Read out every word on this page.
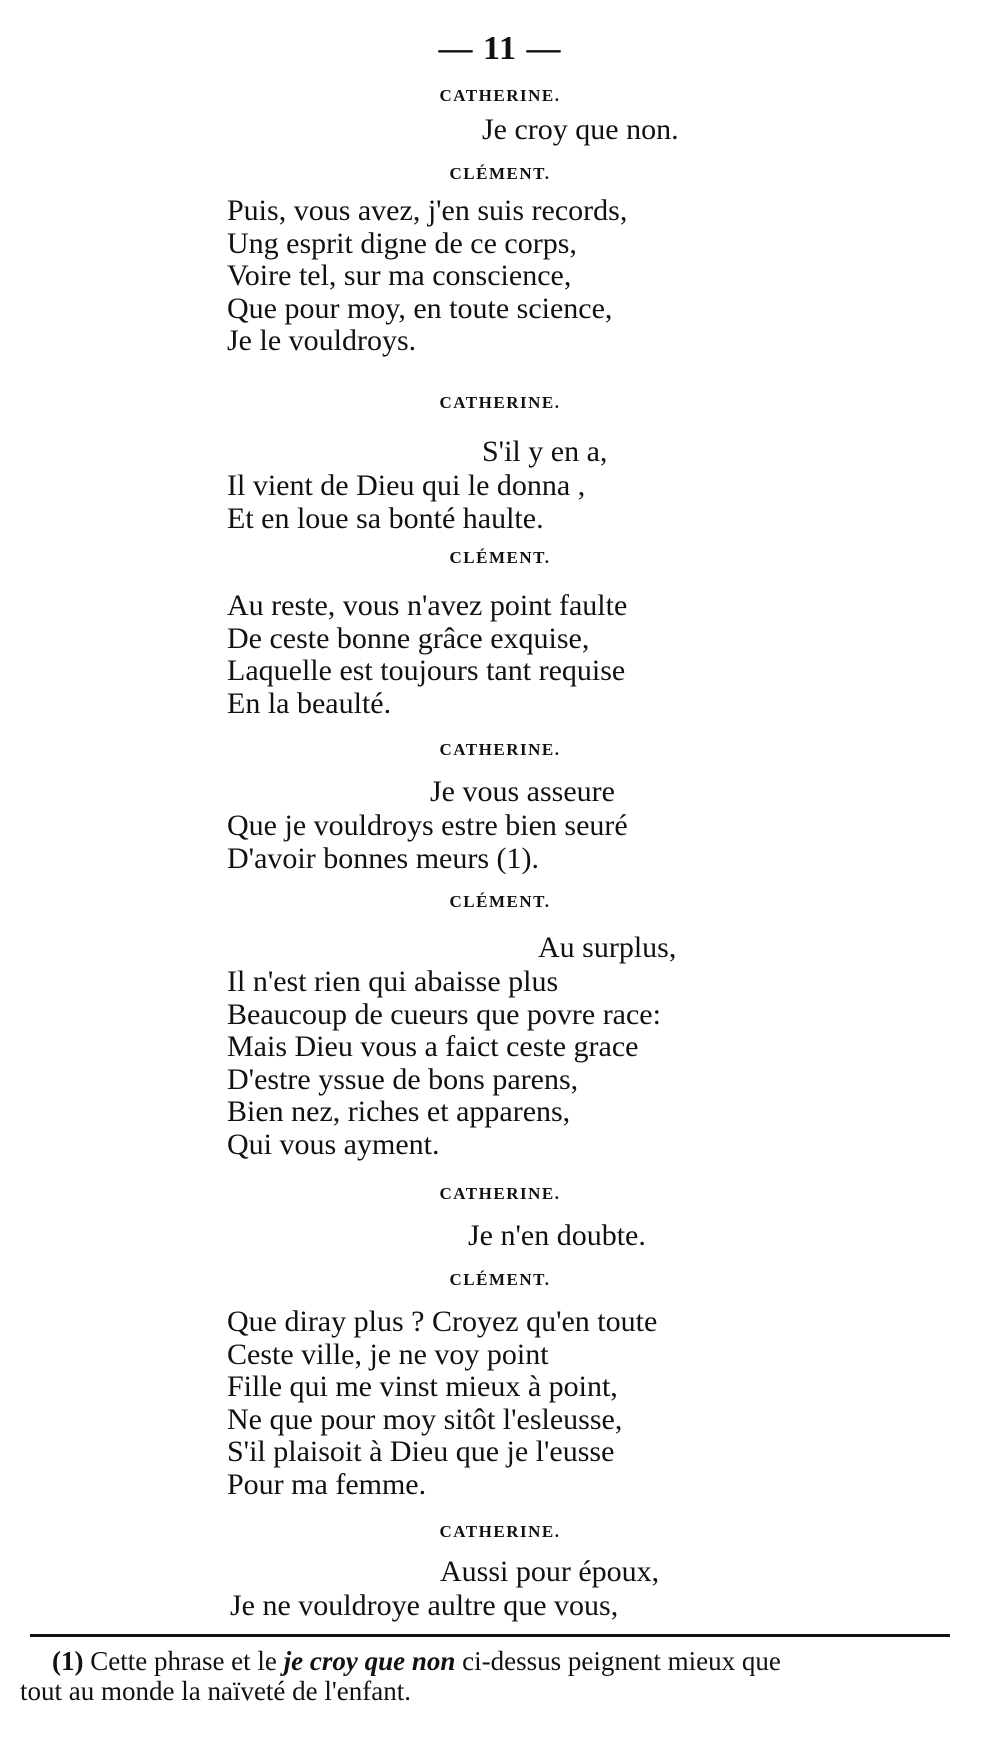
— 11 —
CATHERINE.
Je croy que non.
CLÉMENT.
Puis, vous avez, j'en suis records,
Ung esprit digne de ce corps,
Voire tel, sur ma conscience,
Que pour moy, en toute science,
Je le vouldroys.
CATHERINE.
S'il y en a,
Il vient de Dieu qui le donna ,
Et en loue sa bonté haulte.
CLÉMENT.
Au reste, vous n'avez point faulte
De ceste bonne grâce exquise,
Laquelle est toujours tant requise
En la beaulté.
CATHERINE.
Je vous asseure
Que je vouldroys estre bien seuré
D'avoir bonnes meurs (1).
CLÉMENT.
Au surplus,
Il n'est rien qui abaisse plus
Beaucoup de cueurs que povre race:
Mais Dieu vous a faict ceste grace
D'estre yssue de bons parens,
Bien nez, riches et apparens,
Qui vous ayment.
CATHERINE.
Je n'en doubte.
CLÉMENT.
Que diray plus ? Croyez qu'en toute
Ceste ville, je ne voy point
Fille qui me vinst mieux à point,
Ne que pour moy sitôt l'esleusse,
S'il plaisoit à Dieu que je l'eusse
Pour ma femme.
CATHERINE.
Aussi pour époux,
Je ne vouldroye aultre que vous,
(1) Cette phrase et le je croy que non ci-dessus peignent mieux que
tout au monde la naïveté de l'enfant.
